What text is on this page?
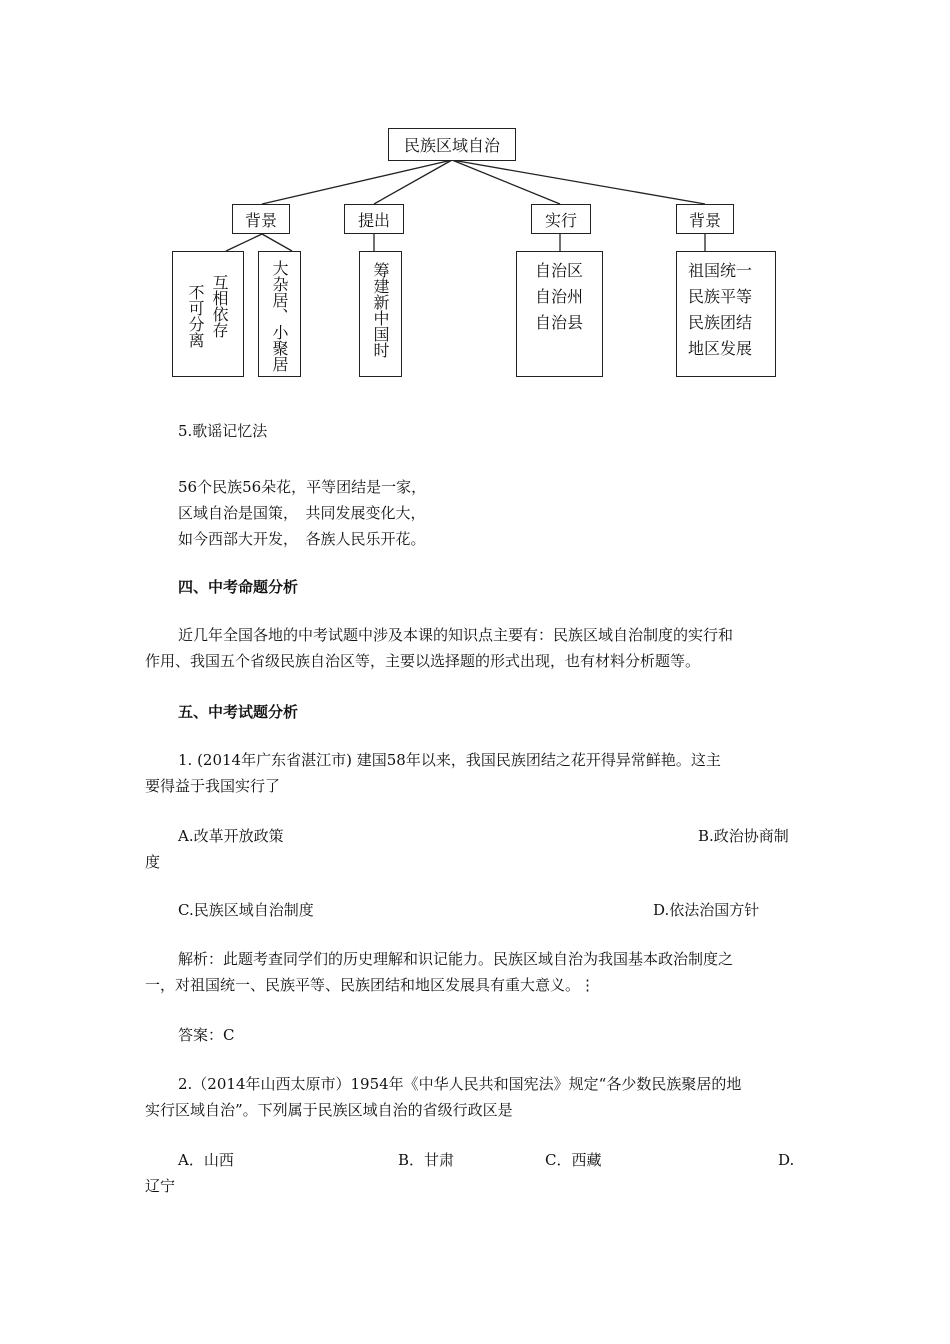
民族区域自治
背景	提出	实行	背景
互相依存
不可分离	大杂居、小聚居	筹建新中国时	自治区
自治州
自治县
祖国统一
民族平等
民族团结
地区发展
5.歌谣记忆法
56个民族56朵花，平等团结是一家，
区域自治是国策，　共同发展变化大，
如今西部大开发，　各族人民乐开花。
四、中考命题分析
近几年全国各地的中考试题中涉及本课的知识点主要有：民族区域自治制度的实行和
作用、我国五个省级民族自治区等，主要以选择题的形式出现，也有材料分析题等。
五、中考试题分析
1. (2014年广东省湛江市) 建国58年以来，我国民族团结之花开得异常鲜艳。这主
要得益于我国实行了
A.改革开放政策	B.政治协商制
度
C.民族区域自治制度	D.依法治国方针
解析：此题考查同学们的历史理解和识记能力。民族区域自治为我国基本政治制度之
一，对祖国统一、民族平等、民族团结和地区发展具有重大意义。⋮
答案：C
2.（2014年山西太原市）1954年《中华人民共和国宪法》规定“各少数民族聚居的地
实行区域自治”。下列属于民族区域自治的省级行政区是
A．山西	B．甘肃	C．西藏	D.
辽宁
